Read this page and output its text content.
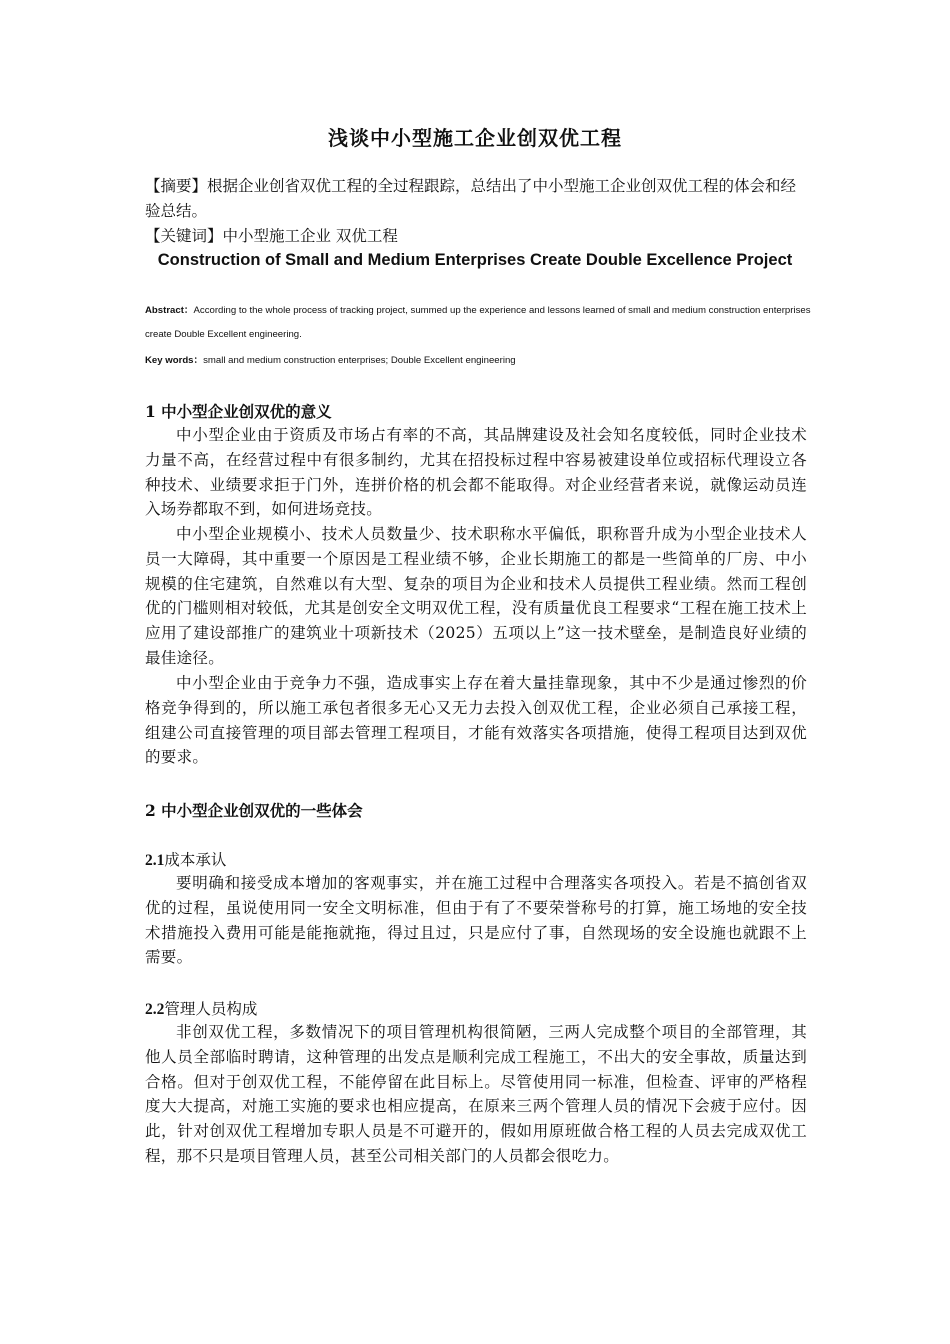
浅谈中小型施工企业创双优工程
【摘要】根据企业创省双优工程的全过程跟踪，总结出了中小型施工企业创双优工程的体会和经验总结。
【关键词】中小型施工企业 双优工程
Construction of Small and Medium Enterprises Create Double Excellence Project
Abstract：According to the whole process of tracking project, summed up the experience and lessons learned of small and medium construction enterprises create Double Excellent engineering.
Key words：small and medium construction enterprises; Double Excellent engineering
1 中小型企业创双优的意义
中小型企业由于资质及市场占有率的不高，其品牌建设及社会知名度较低，同时企业技术力量不高，在经营过程中有很多制约，尤其在招投标过程中容易被建设单位或招标代理设立各种技术、业绩要求拒于门外，连拼价格的机会都不能取得。对企业经营者来说，就像运动员连入场券都取不到，如何进场竞技。
中小型企业规模小、技术人员数量少、技术职称水平偏低，职称晋升成为小型企业技术人员一大障碍，其中重要一个原因是工程业绩不够，企业长期施工的都是一些简单的厂房、中小规模的住宅建筑，自然难以有大型、复杂的项目为企业和技术人员提供工程业绩。然而工程创优的门槛则相对较低，尤其是创安全文明双优工程，没有质量优良工程要求“工程在施工技术上应用了建设部推广的建筑业十项新技术（2025）五项以上”这一技术壁垒，是制造良好业绩的最佳途径。
中小型企业由于竞争力不强，造成事实上存在着大量挂靠现象，其中不少是通过惨烈的价格竞争得到的，所以施工承包者很多无心又无力去投入创双优工程，企业必须自己承接工程，组建公司直接管理的项目部去管理工程项目，才能有效落实各项措施，使得工程项目达到双优的要求。
2 中小型企业创双优的一些体会
2.1成本承认
要明确和接受成本增加的客观事实，并在施工过程中合理落实各项投入。若是不搞创省双优的过程，虽说使用同一安全文明标准，但由于有了不要荣誉称号的打算，施工场地的安全技术措施投入费用可能是能拖就拖，得过且过，只是应付了事，自然现场的安全设施也就跟不上需要。
2.2管理人员构成
非创双优工程，多数情况下的项目管理机构很简陋，三两人完成整个项目的全部管理，其他人员全部临时聘请，这种管理的出发点是顺利完成工程施工，不出大的安全事故，质量达到合格。但对于创双优工程，不能停留在此目标上。尽管使用同一标准，但检查、评审的严格程度大大提高，对施工实施的要求也相应提高，在原来三两个管理人员的情况下会疲于应付。因此，针对创双优工程增加专职人员是不可避开的，假如用原班做合格工程的人员去完成双优工程，那不只是项目管理人员，甚至公司相关部门的人员都会很吃力。
